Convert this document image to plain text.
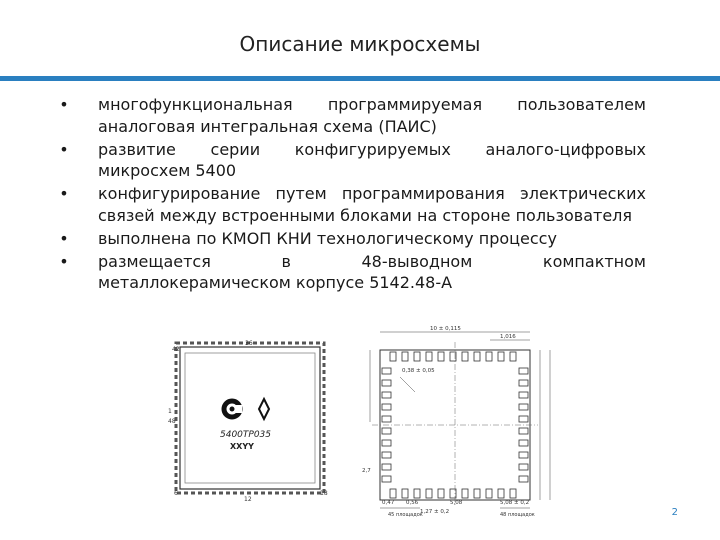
Описание микросхемы
• многофункциональная программируемая пользователем аналоговая интегральная схема (ПАИС)
• развитие серии конфигурируемых аналого-цифровых микросхем 5400
• конфигурирование путем программирования электрических связей между встроенными блоками на стороне пользователя
• выполнена по КМОП КНИ технологическому процессу
• размещается в 48-выводном компактном металлокерамическом корпусе 5142.48-А
42
36
1
48
6
12
18
5400ТР035
XXYY
10 ± 0,115
1,016
0,38 ± 0,05
2,7
5,08
0,47 0,56
1,27 ± 0,2
5,08 ± 0,2
45 площадок	48 площадок	2
